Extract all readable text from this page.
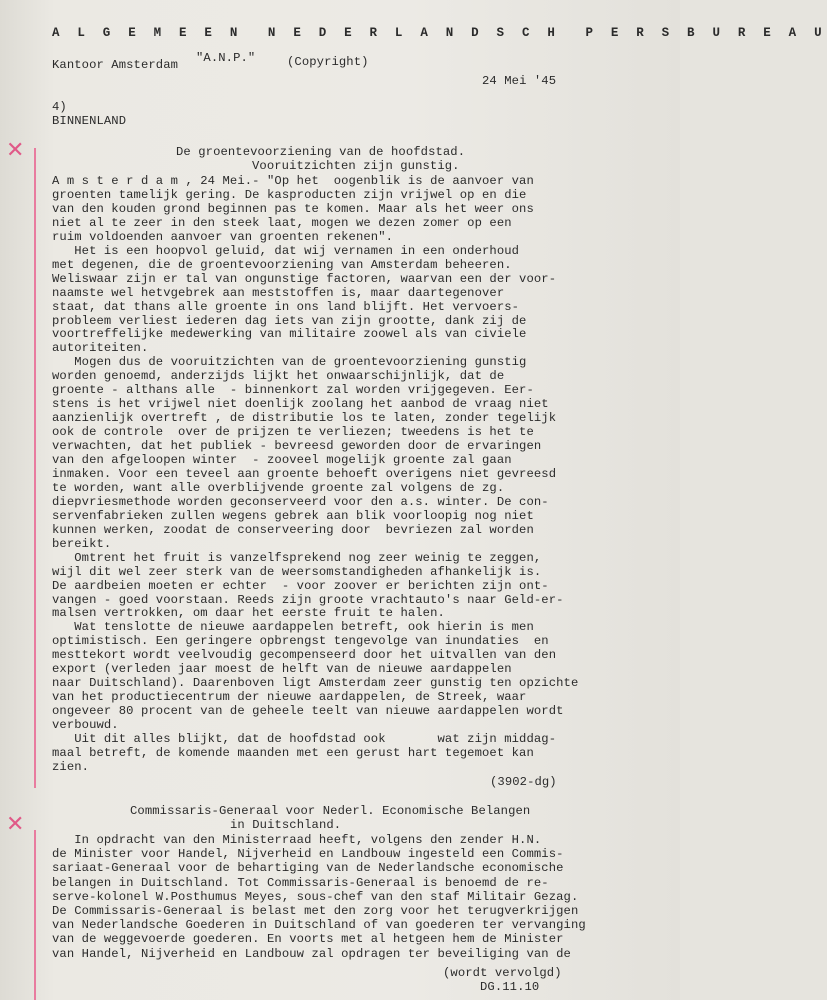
✕
✕
A L G E M E E N  N E D E R L A N D S C H  P E R S B U R E A U
Kantoor Amsterdam "A.N.P."	(Copyright)
24 Mei '45
4)
BINNENLAND
De groentevoorziening van de hoofdstad.
Vooruitzichten zijn gunstig.
A m s t e r d a m , 24 Mei.- "Op het  oogenblik is de aanvoer van
groenten tamelijk gering. De kasproducten zijn vrijwel op en die
van den kouden grond beginnen pas te komen. Maar als het weer ons
niet al te zeer in den steek laat, mogen we dezen zomer op een
ruim voldoenden aanvoer van groenten rekenen".
Het is een hoopvol geluid, dat wij vernamen in een onderhoud
met degenen, die de groentevoorziening van Amsterdam beheeren.
Weliswaar zijn er tal van ongunstige factoren, waarvan een der voor-
naamste wel hetvgebrek aan meststoffen is, maar daartegenover
staat, dat thans alle groente in ons land blijft. Het vervoers-
probleem verliest iederen dag iets van zijn grootte, dank zij de
voortreffelijke medewerking van militaire zoowel als van civiele
autoriteiten.
Mogen dus de vooruitzichten van de groentevoorziening gunstig
worden genoemd, anderzijds lijkt het onwaarschijnlijk, dat de
groente - althans alle  - binnenkort zal worden vrijgegeven. Eer-
stens is het vrijwel niet doenlijk zoolang het aanbod de vraag niet
aanzienlijk overtreft , de distributie los te laten, zonder tegelijk
ook de controle  over de prijzen te verliezen; tweedens is het te
verwachten, dat het publiek - bevreesd geworden door de ervaringen
van den afgeloopen winter  - zooveel mogelijk groente zal gaan
inmaken. Voor een teveel aan groente behoeft overigens niet gevreesd
te worden, want alle overblijvende groente zal volgens de zg.
diepvriesmethode worden geconserveerd voor den a.s. winter. De con-
servenfabrieken zullen wegens gebrek aan blik voorloopig nog niet
kunnen werken, zoodat de conserveering door  bevriezen zal worden
bereikt.
Omtrent het fruit is vanzelfsprekend nog zeer weinig te zeggen,
wijl dit wel zeer sterk van de weersomstandigheden afhankelijk is.
De aardbeien moeten er echter  - voor zoover er berichten zijn ont-
vangen - goed voorstaan. Reeds zijn groote vrachtauto's naar Geld-er-
malsen vertrokken, om daar het eerste fruit te halen.
Wat tenslotte de nieuwe aardappelen betreft, ook hierin is men
optimistisch. Een geringere opbrengst tengevolge van inundaties  en
mesttekort wordt veelvoudig gecompenseerd door het uitvallen van den
export (verleden jaar moest de helft van de nieuwe aardappelen
naar Duitschland). Daarenboven ligt Amsterdam zeer gunstig ten opzichte
van het productiecentrum der nieuwe aardappelen, de Streek, waar
ongeveer 80 procent van de geheele teelt van nieuwe aardappelen wordt
verbouwd.
Uit dit alles blijkt, dat de hoofdstad ook       wat zijn middag-
maal betreft, de komende maanden met een gerust hart tegemoet kan
zien.
(3902-dg)
Commissaris-Generaal voor Nederl. Economische Belangen
in Duitschland.
In opdracht van den Ministerraad heeft, volgens den zender H.N.
de Minister voor Handel, Nijverheid en Landbouw ingesteld een Commis-
sariaat-Generaal voor de behartiging van de Nederlandsche economische
belangen in Duitschland. Tot Commissaris-Generaal is benoemd de re-
serve-kolonel W.Posthumus Meyes, sous-chef van den staf Militair Gezag.
De Commissaris-Generaal is belast met den zorg voor het terugverkrijgen
van Nederlandsche Goederen in Duitschland of van goederen ter vervanging
van de weggevoerde goederen. En voorts met al hetgeen hem de Minister
van Handel, Nijverheid en Landbouw zal opdragen ter beveiliging van de
(wordt vervolgd)
DG.11.10
